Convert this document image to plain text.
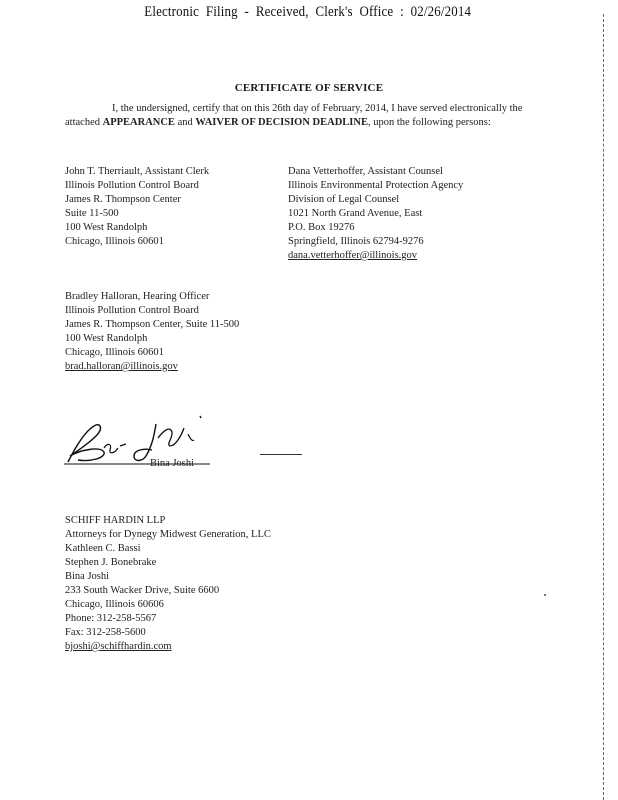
Electronic Filing - Received, Clerk's Office : 02/26/2014
CERTIFICATE OF SERVICE
I, the undersigned, certify that on this 26th day of February, 2014, I have served electronically the attached APPEARANCE and WAIVER OF DECISION DEADLINE, upon the following persons:
John T. Therriault, Assistant Clerk
Illinois Pollution Control Board
James R. Thompson Center
Suite 11-500
100 West Randolph
Chicago, Illinois 60601
Dana Vetterhoffer, Assistant Counsel
Illinois Environmental Protection Agency
Division of Legal Counsel
1021 North Grand Avenue, East
P.O. Box 19276
Springfield, Illinois 62794-9276
dana.vetterhoffer@illinois.gov
Bradley Halloran, Hearing Officer
Illinois Pollution Control Board
James R. Thompson Center, Suite 11-500
100 West Randolph
Chicago, Illinois 60601
brad.halloran@illinois.gov
Bina Joshi
SCHIFF HARDIN LLP
Attorneys for Dynegy Midwest Generation, LLC
Kathleen C. Bassi
Stephen J. Bonebrake
Bina Joshi
233 South Wacker Drive, Suite 6600
Chicago, Illinois 60606
Phone: 312-258-5567
Fax: 312-258-5600
bjoshi@schiffhardin.com
